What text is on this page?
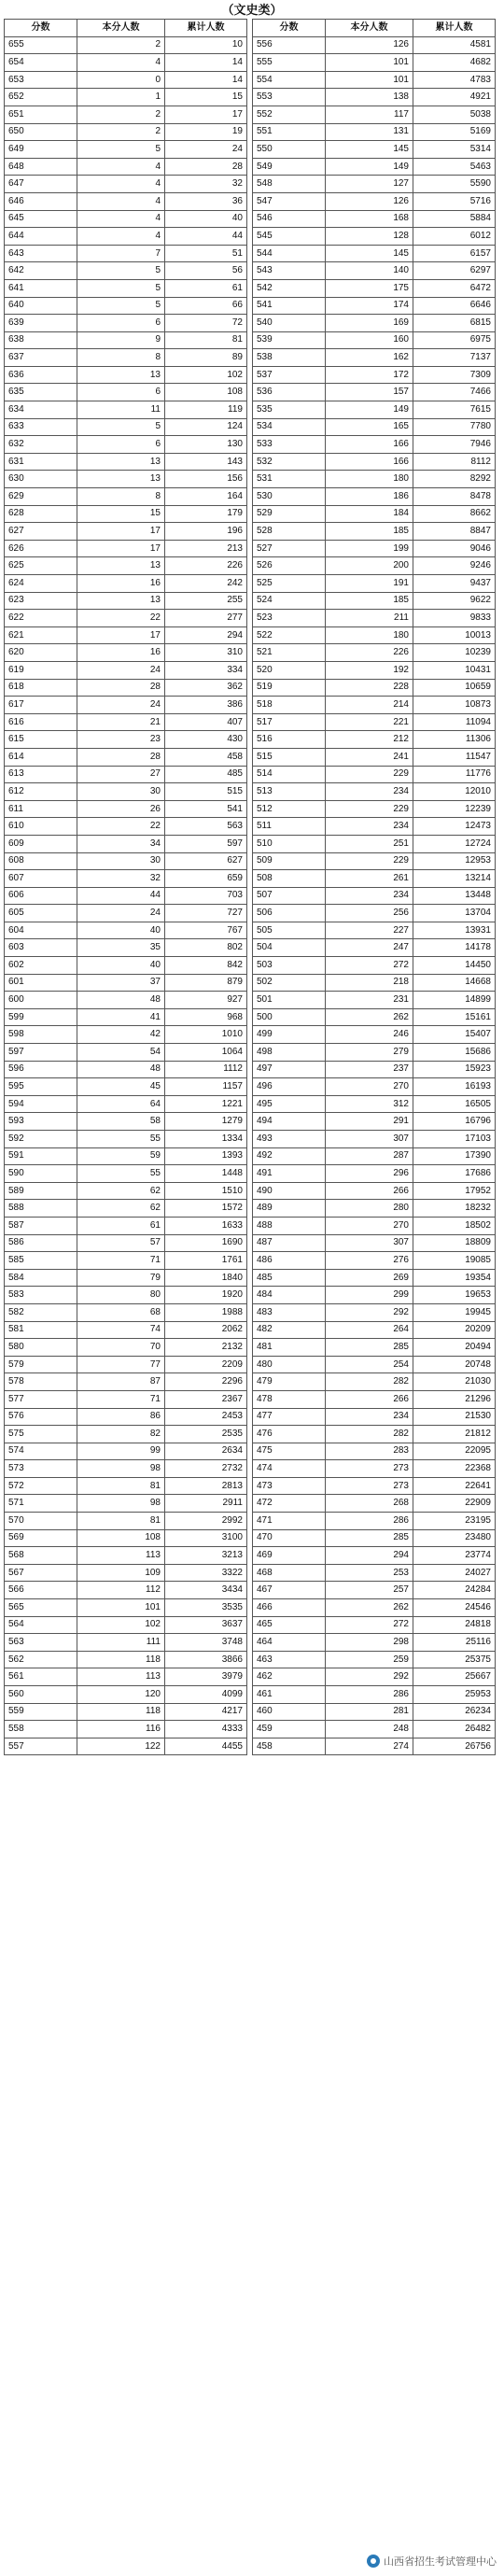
（文史类）
分数	本分人数	累计人数
655	2	10
654	4	14
653	0	14
652	1	15
651	2	17
650	2	19
649	5	24
648	4	28
647	4	32
646	4	36
645	4	40
644	4	44
643	7	51
642	5	56
641	5	61
640	5	66
639	6	72
638	9	81
637	8	89
636	13	102
635	6	108
634	11	119
633	5	124
632	6	130
631	13	143
630	13	156
629	8	164
628	15	179
627	17	196
626	17	213
625	13	226
624	16	242
623	13	255
622	22	277
621	17	294
620	16	310
619	24	334
618	28	362
617	24	386
616	21	407
615	23	430
614	28	458
613	27	485
612	30	515
611	26	541
610	22	563
609	34	597
608	30	627
607	32	659
606	44	703
605	24	727
604	40	767
603	35	802
602	40	842
601	37	879
600	48	927
599	41	968
598	42	1010
597	54	1064
596	48	1112
595	45	1157
594	64	1221
593	58	1279
592	55	1334
591	59	1393
590	55	1448
589	62	1510
588	62	1572
587	61	1633
586	57	1690
585	71	1761
584	79	1840
583	80	1920
582	68	1988
581	74	2062
580	70	2132
579	77	2209
578	87	2296
577	71	2367
576	86	2453
575	82	2535
574	99	2634
573	98	2732
572	81	2813
571	98	2911
570	81	2992
569	108	3100
568	113	3213
567	109	3322
566	112	3434
565	101	3535
564	102	3637
563	111	3748
562	118	3866
561	113	3979
560	120	4099
559	118	4217
558	116	4333
557	122	4455
分数	本分人数	累计人数
556	126	4581
555	101	4682
554	101	4783
553	138	4921
552	117	5038
551	131	5169
550	145	5314
549	149	5463
548	127	5590
547	126	5716
546	168	5884
545	128	6012
544	145	6157
543	140	6297
542	175	6472
541	174	6646
540	169	6815
539	160	6975
538	162	7137
537	172	7309
536	157	7466
535	149	7615
534	165	7780
533	166	7946
532	166	8112
531	180	8292
530	186	8478
529	184	8662
528	185	8847
527	199	9046
526	200	9246
525	191	9437
524	185	9622
523	211	9833
522	180	10013
521	226	10239
520	192	10431
519	228	10659
518	214	10873
517	221	11094
516	212	11306
515	241	11547
514	229	11776
513	234	12010
512	229	12239
511	234	12473
510	251	12724
509	229	12953
508	261	13214
507	234	13448
506	256	13704
505	227	13931
504	247	14178
503	272	14450
502	218	14668
501	231	14899
500	262	15161
499	246	15407
498	279	15686
497	237	15923
496	270	16193
495	312	16505
494	291	16796
493	307	17103
492	287	17390
491	296	17686
490	266	17952
489	280	18232
488	270	18502
487	307	18809
486	276	19085
485	269	19354
484	299	19653
483	292	19945
482	264	20209
481	285	20494
480	254	20748
479	282	21030
478	266	21296
477	234	21530
476	282	21812
475	283	22095
474	273	22368
473	273	22641
472	268	22909
471	286	23195
470	285	23480
469	294	23774
468	253	24027
467	257	24284
466	262	24546
465	272	24818
464	298	25116
463	259	25375
462	292	25667
461	286	25953
460	281	26234
459	248	26482
458	274	26756
山西省招生考试管理中心
